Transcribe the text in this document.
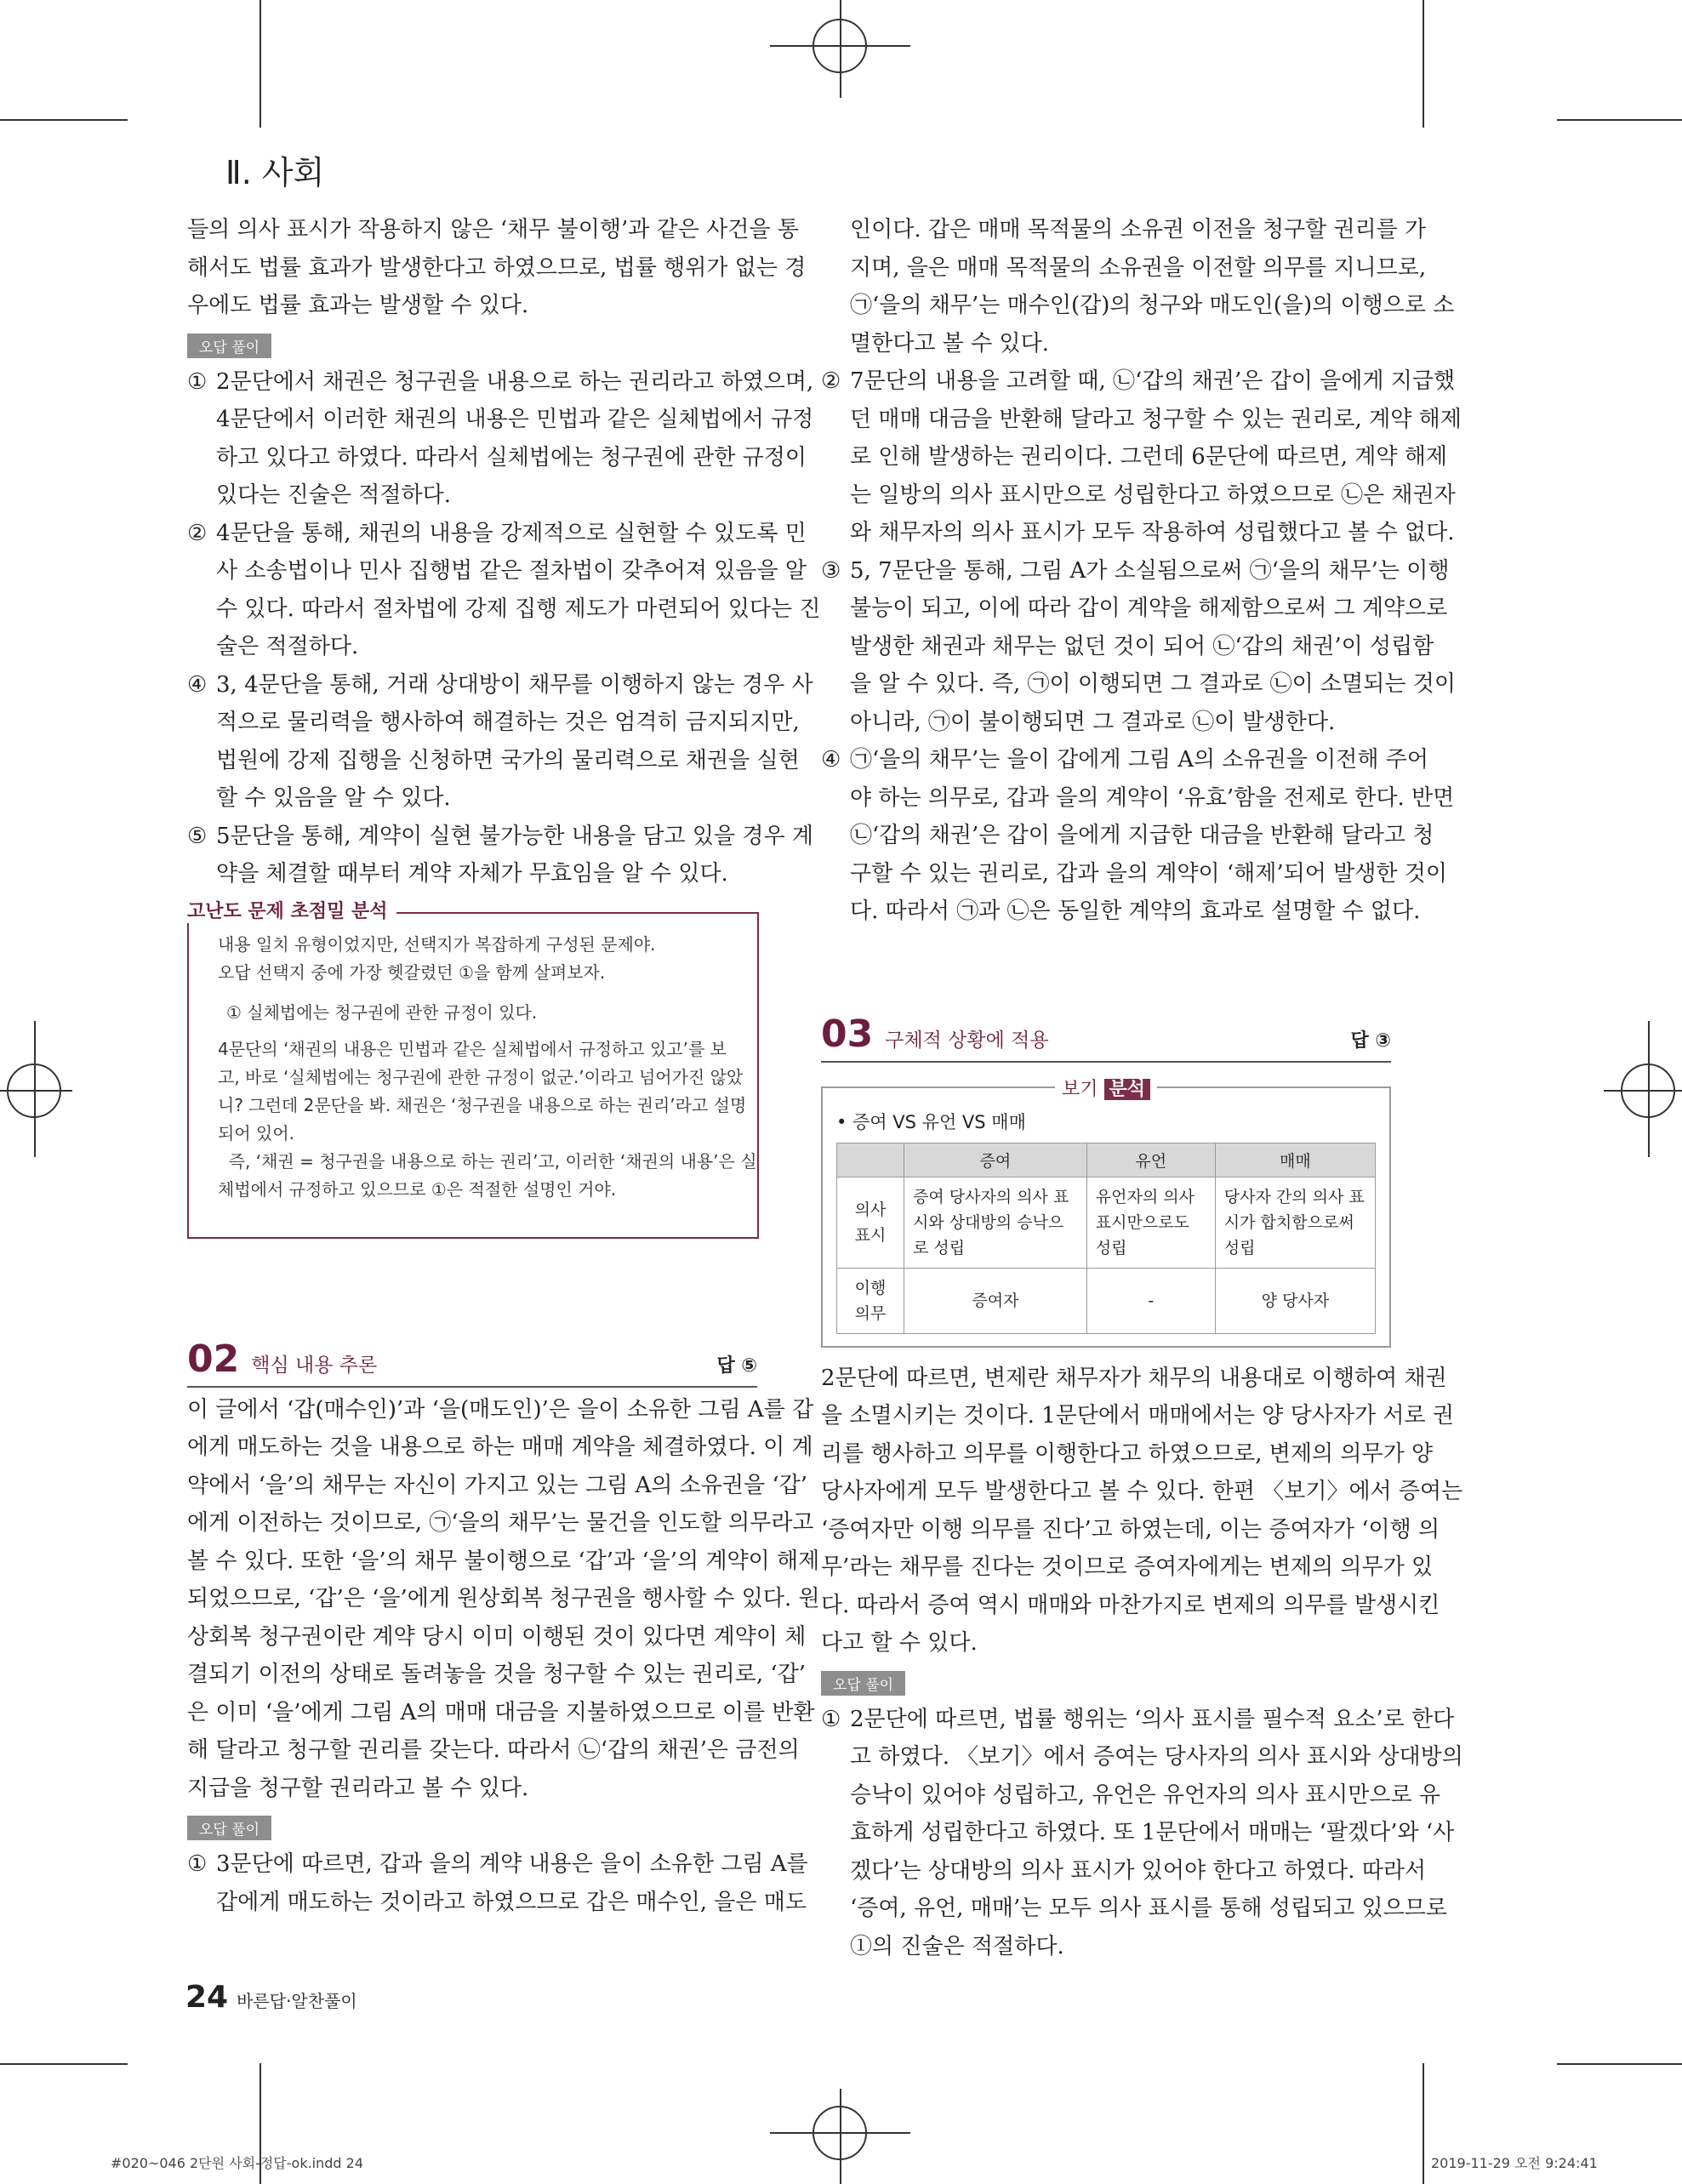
Ⅱ. 사회
들의 의사 표시가 작용하지 않은 ‘채무 불이행’과 같은 사건을 통
해서도 법률 효과가 발생한다고 하였으므로, 법률 행위가 없는 경
우에도 법률 효과는 발생할 수 있다.
오답 풀이
① 2문단에서 채권은 청구권을 내용으로 하는 권리라고 하였으며,
4문단에서 이러한 채권의 내용은 민법과 같은 실체법에서 규정
하고 있다고 하였다. 따라서 실체법에는 청구권에 관한 규정이
있다는 진술은 적절하다.
② 4문단을 통해, 채권의 내용을 강제적으로 실현할 수 있도록 민
사 소송법이나 민사 집행법 같은 절차법이 갖추어져 있음을 알
수 있다. 따라서 절차법에 강제 집행 제도가 마련되어 있다는 진
술은 적절하다.
④ 3, 4문단을 통해, 거래 상대방이 채무를 이행하지 않는 경우 사
적으로 물리력을 행사하여 해결하는 것은 엄격히 금지되지만,
법원에 강제 집행을 신청하면 국가의 물리력으로 채권을 실현
할 수 있음을 알 수 있다.
⑤ 5문단을 통해, 계약이 실현 불가능한 내용을 담고 있을 경우 계
약을 체결할 때부터 계약 자체가 무효임을 알 수 있다.
고난도 문제 초점밀 분석
내용 일치 유형이었지만, 선택지가 복잡하게 구성된 문제야.
오답 선택지 중에 가장 헷갈렸던 ①을 함께 살펴보자.
① 실체법에는 청구권에 관한 규정이 있다.
4문단의 ‘채권의 내용은 민법과 같은 실체법에서 규정하고 있고’를 보
고, 바로 ‘실체법에는 청구권에 관한 규정이 없군.’이라고 넘어가진 않았
니? 그런데 2문단을 봐. 채권은 ‘청구권을 내용으로 하는 권리’라고 설명
되어 있어.
즉, ‘채권 = 청구권을 내용으로 하는 권리’고, 이러한 ‘채권의 내용’은 실
체법에서 규정하고 있으므로 ①은 적절한 설명인 거야.
02 핵심 내용 추론	답 ⑤
이 글에서 ‘갑(매수인)’과 ‘을(매도인)’은 을이 소유한 그림 A를 갑
에게 매도하는 것을 내용으로 하는 매매 계약을 체결하였다. 이 계
약에서 ‘을’의 채무는 자신이 가지고 있는 그림 A의 소유권을 ‘갑’
에게 이전하는 것이므로, ㉠‘을의 채무’는 물건을 인도할 의무라고
볼 수 있다. 또한 ‘을’의 채무 불이행으로 ‘갑’과 ‘을’의 계약이 해제
되었으므로, ‘갑’은 ‘을’에게 원상회복 청구권을 행사할 수 있다. 원
상회복 청구권이란 계약 당시 이미 이행된 것이 있다면 계약이 체
결되기 이전의 상태로 돌려놓을 것을 청구할 수 있는 권리로, ‘갑’
은 이미 ‘을’에게 그림 A의 매매 대금을 지불하였으므로 이를 반환
해 달라고 청구할 권리를 갖는다. 따라서 ㉡‘갑의 채권’은 금전의
지급을 청구할 권리라고 볼 수 있다.
오답 풀이
① 3문단에 따르면, 갑과 을의 계약 내용은 을이 소유한 그림 A를
갑에게 매도하는 것이라고 하였으므로 갑은 매수인, 을은 매도
인이다. 갑은 매매 목적물의 소유권 이전을 청구할 권리를 가
지며, 을은 매매 목적물의 소유권을 이전할 의무를 지니므로,
㉠‘을의 채무’는 매수인(갑)의 청구와 매도인(을)의 이행으로 소
멸한다고 볼 수 있다.
② 7문단의 내용을 고려할 때, ㉡‘갑의 채권’은 갑이 을에게 지급했
던 매매 대금을 반환해 달라고 청구할 수 있는 권리로, 계약 해제
로 인해 발생하는 권리이다. 그런데 6문단에 따르면, 계약 해제
는 일방의 의사 표시만으로 성립한다고 하였으므로 ㉡은 채권자
와 채무자의 의사 표시가 모두 작용하여 성립했다고 볼 수 없다.
③ 5, 7문단을 통해, 그림 A가 소실됨으로써 ㉠‘을의 채무’는 이행
불능이 되고, 이에 따라 갑이 계약을 해제함으로써 그 계약으로
발생한 채권과 채무는 없던 것이 되어 ㉡‘갑의 채권’이 성립함
을 알 수 있다. 즉, ㉠이 이행되면 그 결과로 ㉡이 소멸되는 것이
아니라, ㉠이 불이행되면 그 결과로 ㉡이 발생한다.
④ ㉠‘을의 채무’는 을이 갑에게 그림 A의 소유권을 이전해 주어
야 하는 의무로, 갑과 을의 계약이 ‘유효’함을 전제로 한다. 반면
㉡‘갑의 채권’은 갑이 을에게 지급한 대금을 반환해 달라고 청
구할 수 있는 권리로, 갑과 을의 계약이 ‘해제’되어 발생한 것이
다. 따라서 ㉠과 ㉡은 동일한 계약의 효과로 설명할 수 없다.
03 구체적 상황에 적용	답 ③
보기 분석
• 증여 VS 유언 VS 매매
	증여	유언	매매
의사 표시	증여 당사자의 의사 표시와 상대방의 승낙으로 성립	유언자의 의사 표시만으로도 성립	당사자 간의 의사 표시가 합치함으로써 성립
이행 의무	증여자	-	양 당사자
2문단에 따르면, 변제란 채무자가 채무의 내용대로 이행하여 채권
을 소멸시키는 것이다. 1문단에서 매매에서는 양 당사자가 서로 권
리를 행사하고 의무를 이행한다고 하였으므로, 변제의 의무가 양
당사자에게 모두 발생한다고 볼 수 있다. 한편 〈보기〉에서 증여는
‘증여자만 이행 의무를 진다’고 하였는데, 이는 증여자가 ‘이행 의
무’라는 채무를 진다는 것이므로 증여자에게는 변제의 의무가 있
다. 따라서 증여 역시 매매와 마찬가지로 변제의 의무를 발생시킨
다고 할 수 있다.
오답 풀이
① 2문단에 따르면, 법률 행위는 ‘의사 표시를 필수적 요소’로 한다
고 하였다. 〈보기〉에서 증여는 당사자의 의사 표시와 상대방의
승낙이 있어야 성립하고, 유언은 유언자의 의사 표시만으로 유
효하게 성립한다고 하였다. 또 1문단에서 매매는 ‘팔겠다’와 ‘사
겠다’는 상대방의 의사 표시가 있어야 한다고 하였다. 따라서
‘증여, 유언, 매매’는 모두 의사 표시를 통해 성립되고 있으므로
①의 진술은 적절하다.
24 바른답·알찬풀이
#020~046 2단원 사회-정답-ok.indd 24	2019-11-29 오전 9:24:41
